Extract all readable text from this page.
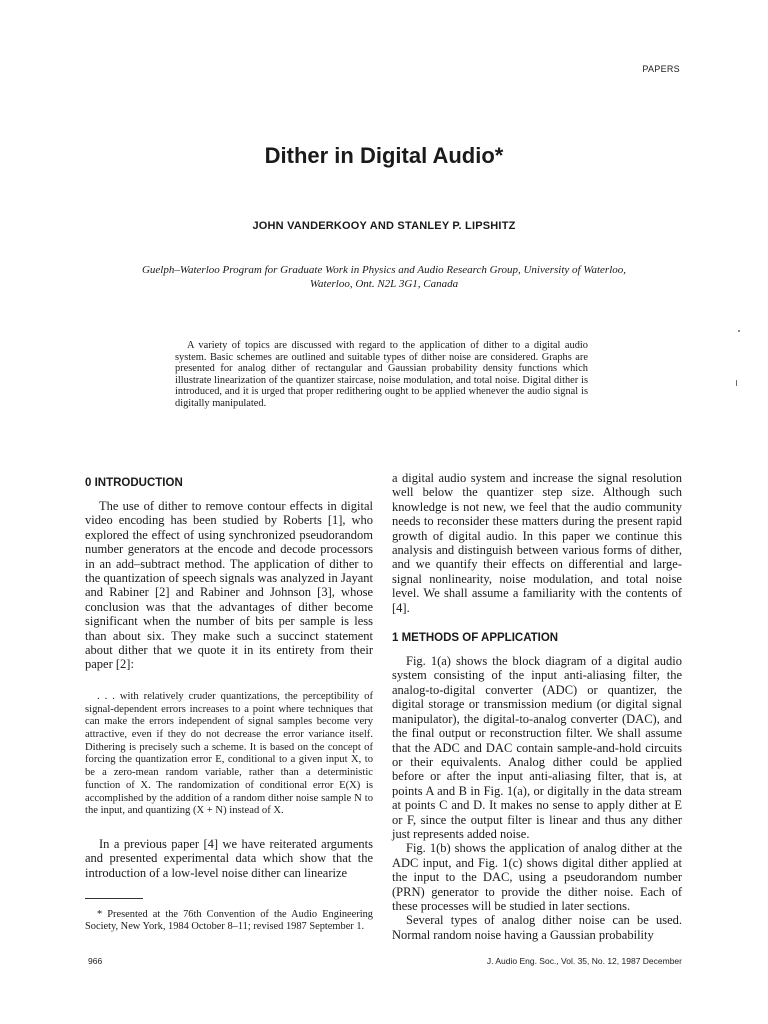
PAPERS
Dither in Digital Audio*
JOHN VANDERKOOY AND STANLEY P. LIPSHITZ
Guelph–Waterloo Program for Graduate Work in Physics and Audio Research Group, University of Waterloo,
Waterloo, Ont. N2L 3G1, Canada

A variety of topics are discussed with regard to the application of dither to a digital audio system. Basic schemes are outlined and suitable types of dither noise are considered. Graphs are presented for analog dither of rectangular and Gaussian probability density functions which illustrate linearization of the quantizer staircase, noise modulation, and total noise. Digital dither is introduced, and it is urged that proper redithering ought to be applied whenever the audio signal is digitally manipulated.

0 INTRODUCTION

The use of dither to remove contour effects in digital video encoding has been studied by Roberts [1], who explored the effect of using synchronized pseudorandom number generators at the encode and decode processors in an add–subtract method. The application of dither to the quantization of speech signals was analyzed in Jayant and Rabiner [2] and Rabiner and Johnson [3], whose conclusion was that the advantages of dither become significant when the number of bits per sample is less than about six. They make such a succinct statement about dither that we quote it in its entirety from their paper [2]:

. . . with relatively cruder quantizations, the perceptibility of signal-dependent errors increases to a point where techniques that can make the errors independent of signal samples become very attractive, even if they do not decrease the error variance itself. Dithering is precisely such a scheme. It is based on the concept of forcing the quantization error E, conditional to a given input X, to be a zero-mean random variable, rather than a deterministic function of X. The randomization of conditional error E(X) is accomplished by the addition of a random dither noise sample N to the input, and quantizing (X + N) instead of X.

In a previous paper [4] we have reiterated arguments and presented experimental data which show that the introduction of a low-level noise dither can linearize

* Presented at the 76th Convention of the Audio Engineering Society, New York, 1984 October 8–11; revised 1987 September 1.

a digital audio system and increase the signal resolution well below the quantizer step size. Although such knowledge is not new, we feel that the audio community needs to reconsider these matters during the present rapid growth of digital audio. In this paper we continue this analysis and distinguish between various forms of dither, and we quantify their effects on differential and large-signal nonlinearity, noise modulation, and total noise level. We shall assume a familiarity with the contents of [4].

1 METHODS OF APPLICATION

Fig. 1(a) shows the block diagram of a digital audio system consisting of the input anti-aliasing filter, the analog-to-digital converter (ADC) or quantizer, the digital storage or transmission medium (or digital signal manipulator), the digital-to-analog converter (DAC), and the final output or reconstruction filter. We shall assume that the ADC and DAC contain sample-and-hold circuits or their equivalents. Analog dither could be applied before or after the input anti-aliasing filter, that is, at points A and B in Fig. 1(a), or digitally in the data stream at points C and D. It makes no sense to apply dither at E or F, since the output filter is linear and thus any dither just represents added noise.

Fig. 1(b) shows the application of analog dither at the ADC input, and Fig. 1(c) shows digital dither applied at the input to the DAC, using a pseudorandom number (PRN) generator to provide the dither noise. Each of these processes will be studied in later sections.

Several types of analog dither noise can be used. Normal random noise having a Gaussian probability

966	J. Audio Eng. Soc., Vol. 35, No. 12, 1987 December
